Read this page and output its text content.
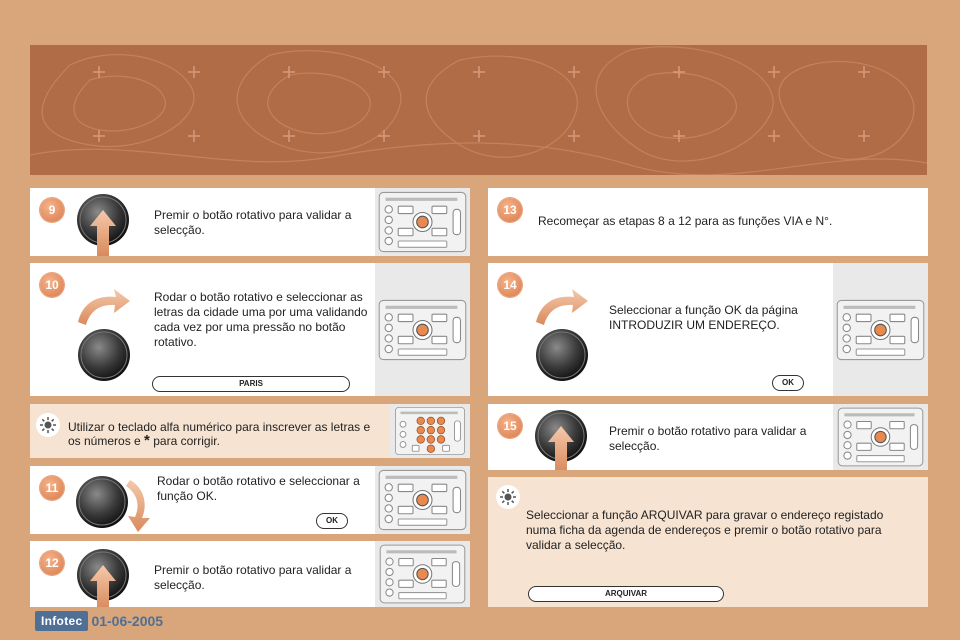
9	Premir o botão rotativo para validar a selecção.
10
Rodar o botão rotativo e seleccionar as letras da cidade uma por uma validando cada vez por uma pressão no botão rotativo.
PARIS
Utilizar o teclado alfa numérico para inscrever as letras e os números e * para corrigir.
11	Rodar o botão rotativo e seleccionar a função OK.
OK
12	Premir o botão rotativo para validar a selecção.
13
Recomeçar as etapas 8 a 12 para as funções VIA e N°.
14
Seleccionar a função OK da página INTRODUZIR UM ENDEREÇO.
OK
15	Premir o botão rotativo para validar a selecção.
Seleccionar a função ARQUIVAR para gravar o endereço registado numa ficha da agenda de endereços e premir o botão rotativo para validar a selecção.
ARQUIVAR
Infotec 01-06-2005
